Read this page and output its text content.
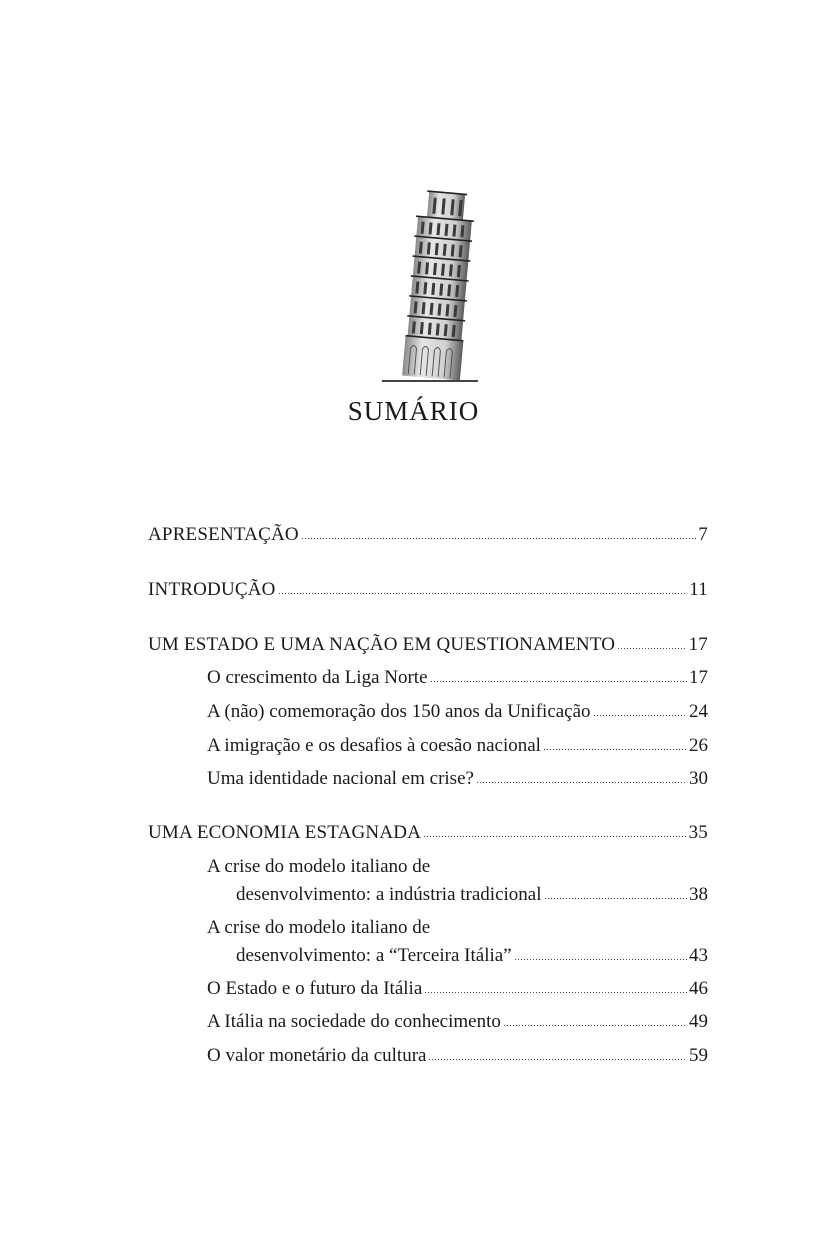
SUMÁRIO
APRESENTAÇÃO	7
INTRODUÇÃO	11
UM ESTADO E UMA NAÇÃO EM QUESTIONAMENTO	17
O crescimento da Liga Norte	17
A (não) comemoração dos 150 anos da Unificação	24
A imigração e os desafios à coesão nacional	26
Uma identidade nacional em crise?	30
UMA ECONOMIA ESTAGNADA	35
A crise do modelo italiano de
desenvolvimento: a indústria tradicional	38
A crise do modelo italiano de
desenvolvimento: a “Terceira Itália”	43
O Estado e o futuro da Itália	46
A Itália na sociedade do conhecimento	49
O valor monetário da cultura	59
